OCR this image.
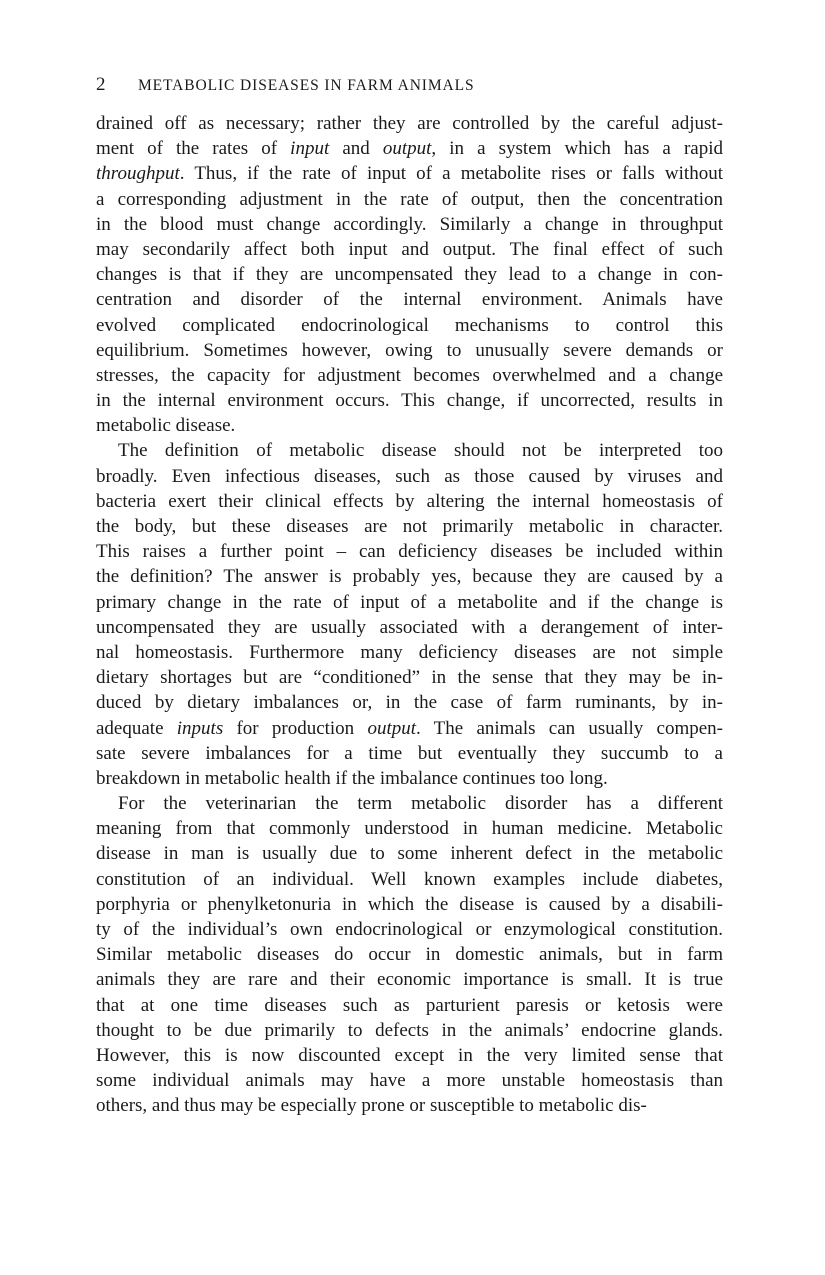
2 METABOLIC DISEASES IN FARM ANIMALS
drained off as necessary; rather they are controlled by the careful adjust-
ment of the rates of input and output, in a system which has a rapid
throughput. Thus, if the rate of input of a metabolite rises or falls without
a corresponding adjustment in the rate of output, then the concentration
in the blood must change accordingly. Similarly a change in throughput
may secondarily affect both input and output. The final effect of such
changes is that if they are uncompensated they lead to a change in con-
centration and disorder of the internal environment. Animals have
evolved complicated endocrinological mechanisms to control this
equilibrium. Sometimes however, owing to unusually severe demands or
stresses, the capacity for adjustment becomes overwhelmed and a change
in the internal environment occurs. This change, if uncorrected, results in
metabolic disease.
The definition of metabolic disease should not be interpreted too
broadly. Even infectious diseases, such as those caused by viruses and
bacteria exert their clinical effects by altering the internal homeostasis of
the body, but these diseases are not primarily metabolic in character.
This raises a further point – can deficiency diseases be included within
the definition? The answer is probably yes, because they are caused by a
primary change in the rate of input of a metabolite and if the change is
uncompensated they are usually associated with a derangement of inter-
nal homeostasis. Furthermore many deficiency diseases are not simple
dietary shortages but are “conditioned” in the sense that they may be in-
duced by dietary imbalances or, in the case of farm ruminants, by in-
adequate inputs for production output. The animals can usually compen-
sate severe imbalances for a time but eventually they succumb to a
breakdown in metabolic health if the imbalance continues too long.
For the veterinarian the term metabolic disorder has a different
meaning from that commonly understood in human medicine. Metabolic
disease in man is usually due to some inherent defect in the metabolic
constitution of an individual. Well known examples include diabetes,
porphyria or phenylketonuria in which the disease is caused by a disabili-
ty of the individual’s own endocrinological or enzymological constitution.
Similar metabolic diseases do occur in domestic animals, but in farm
animals they are rare and their economic importance is small. It is true
that at one time diseases such as parturient paresis or ketosis were
thought to be due primarily to defects in the animals’ endocrine glands.
However, this is now discounted except in the very limited sense that
some individual animals may have a more unstable homeostasis than
others, and thus may be especially prone or susceptible to metabolic dis-
